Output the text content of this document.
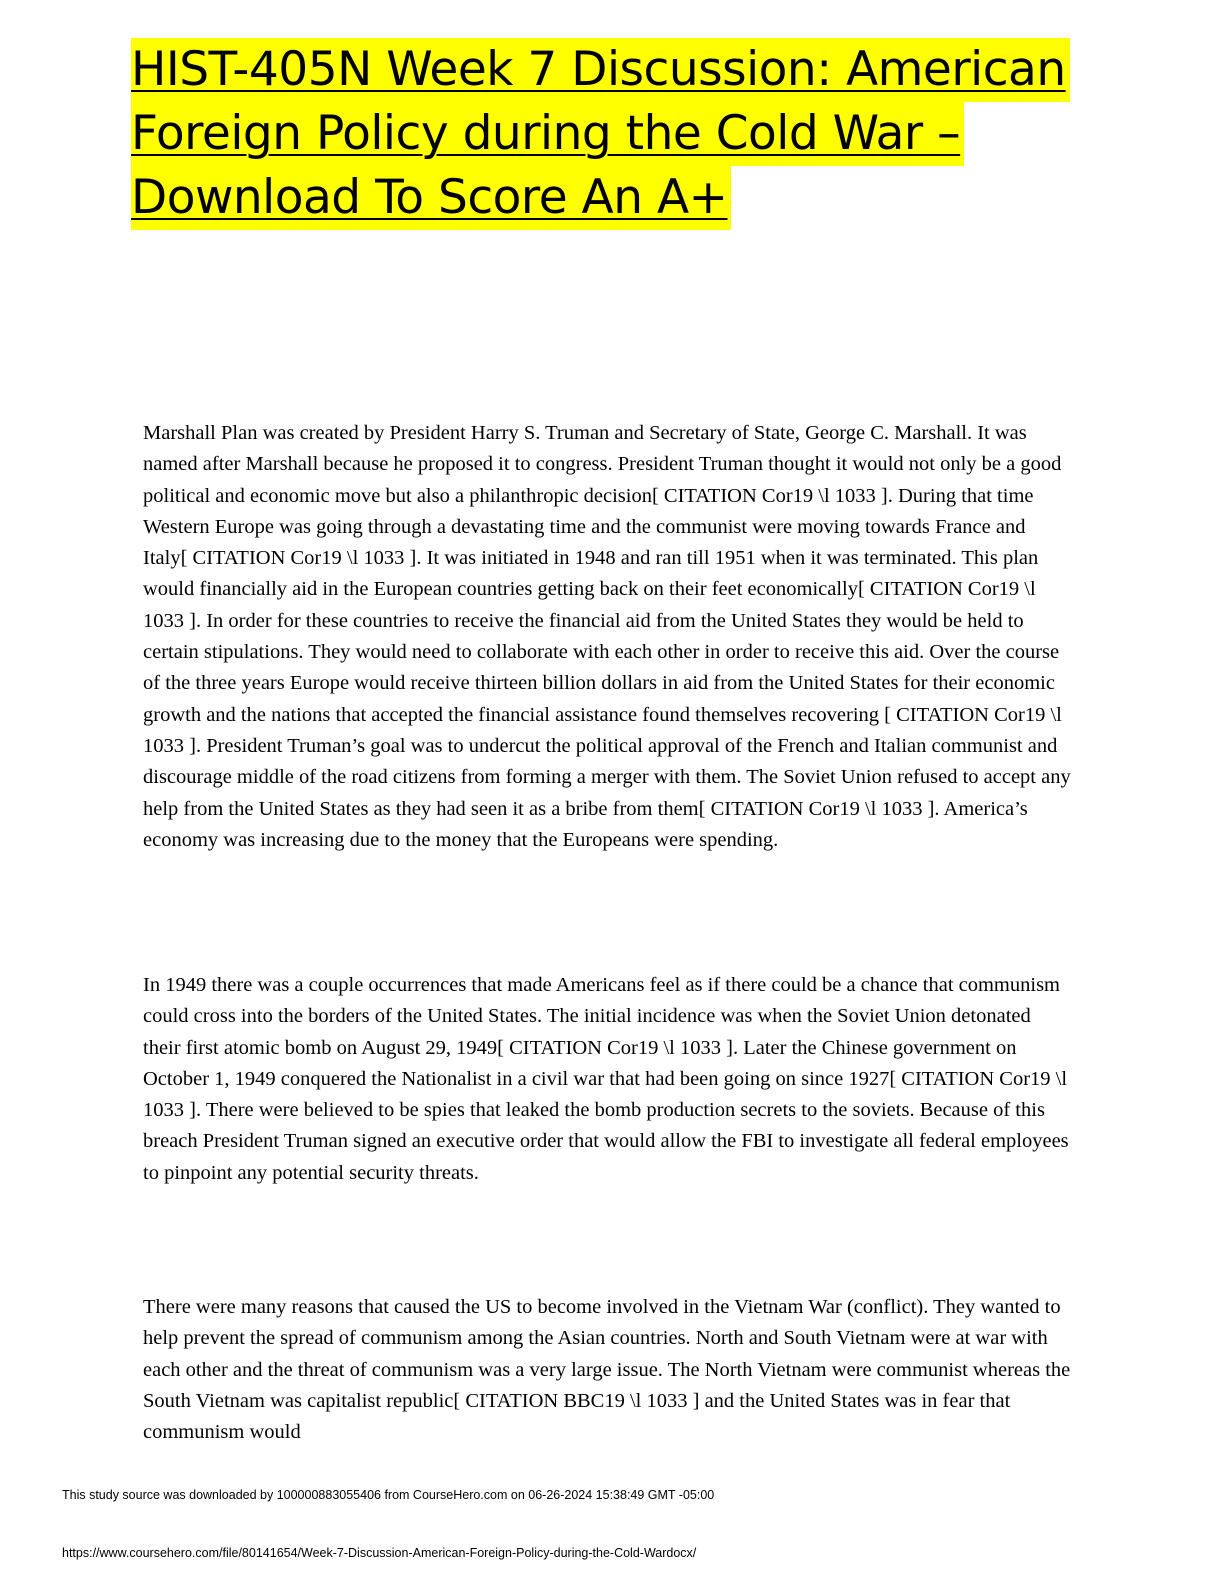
HIST-405N Week 7 Discussion: American
Foreign Policy during the Cold War –
Download To Score An A+

Marshall Plan was created by President Harry S. Truman and Secretary of State, George C. Marshall. It was named after Marshall because he proposed it to congress. President Truman thought it would not only be a good political and economic move but also a philanthropic decision[ CITATION Cor19 \l 1033 ]. During that time Western Europe was going through a devastating time and the communist were moving towards France and Italy[ CITATION Cor19 \l 1033 ]. It was initiated in 1948 and ran till 1951 when it was terminated. This plan would financially aid in the European countries getting back on their feet economically[ CITATION Cor19 \l 1033 ]. In order for these countries to receive the financial aid from the United States they would be held to certain stipulations. They would need to collaborate with each other in order to receive this aid. Over the course of the three years Europe would receive thirteen billion dollars in aid from the United States for their economic growth and the nations that accepted the financial assistance found themselves recovering [ CITATION Cor19 \l 1033 ]. President Truman’s goal was to undercut the political approval of the French and Italian communist and discourage middle of the road citizens from forming a merger with them. The Soviet Union refused to accept any help from the United States as they had seen it as a bribe from them[ CITATION Cor19 \l 1033 ]. America’s economy was increasing due to the money that the Europeans were spending.

In 1949 there was a couple occurrences that made Americans feel as if there could be a chance that communism could cross into the borders of the United States. The initial incidence was when the Soviet Union detonated their first atomic bomb on August 29, 1949[ CITATION Cor19 \l 1033 ]. Later the Chinese government on October 1, 1949 conquered the Nationalist in a civil war that had been going on since 1927[ CITATION Cor19 \l 1033 ]. There were believed to be spies that leaked the bomb production secrets to the soviets. Because of this breach President Truman signed an executive order that would allow the FBI to investigate all federal employees to pinpoint any potential security threats.

There were many reasons that caused the US to become involved in the Vietnam War (conflict). They wanted to help prevent the spread of communism among the Asian countries. North and South Vietnam were at war with each other and the threat of communism was a very large issue. The North Vietnam were communist whereas the South Vietnam was capitalist republic[ CITATION BBC19 \l 1033 ] and the United States was in fear that communism would

This study source was downloaded by 100000883055406 from CourseHero.com on 06-26-2024 15:38:49 GMT -05:00
https://www.coursehero.com/file/80141654/Week-7-Discussion-American-Foreign-Policy-during-the-Cold-Wardocx/
